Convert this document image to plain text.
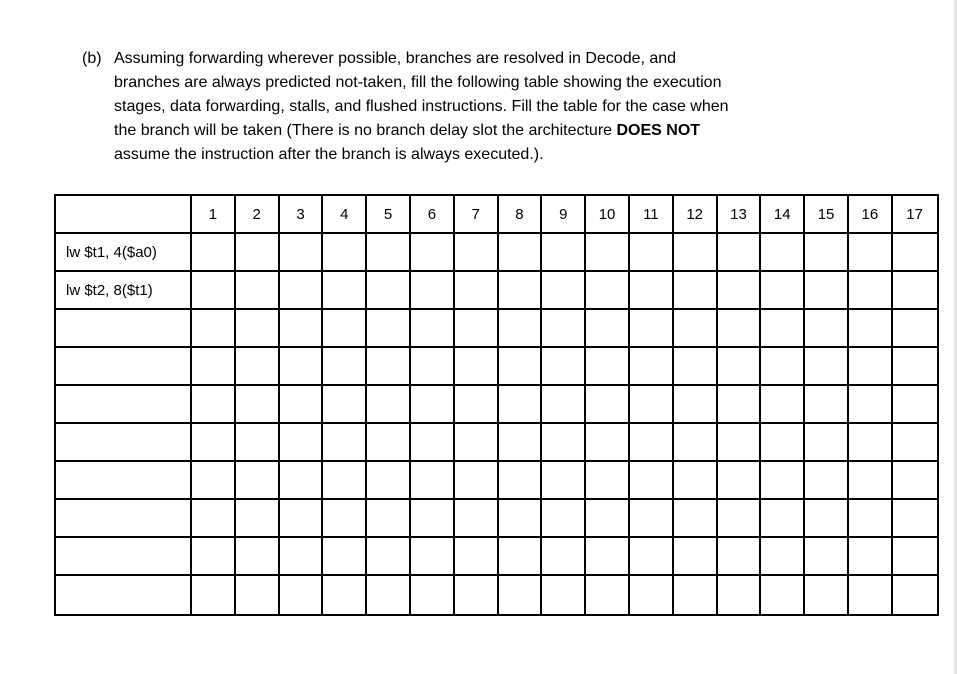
(b) Assuming forwarding wherever possible, branches are resolved in Decode, and
branches are always predicted not-taken, fill the following table showing the execution
stages, data forwarding, stalls, and flushed instructions. Fill the table for the case when
the branch will be taken (There is no branch delay slot the architecture DOES NOT
assume the instruction after the branch is always executed.).
	1	2	3	4	5	6	7	8	9	10	11	12	13	14	15	16	17
lw $t1, 4($a0)																	
lw $t2, 8($t1)																	
